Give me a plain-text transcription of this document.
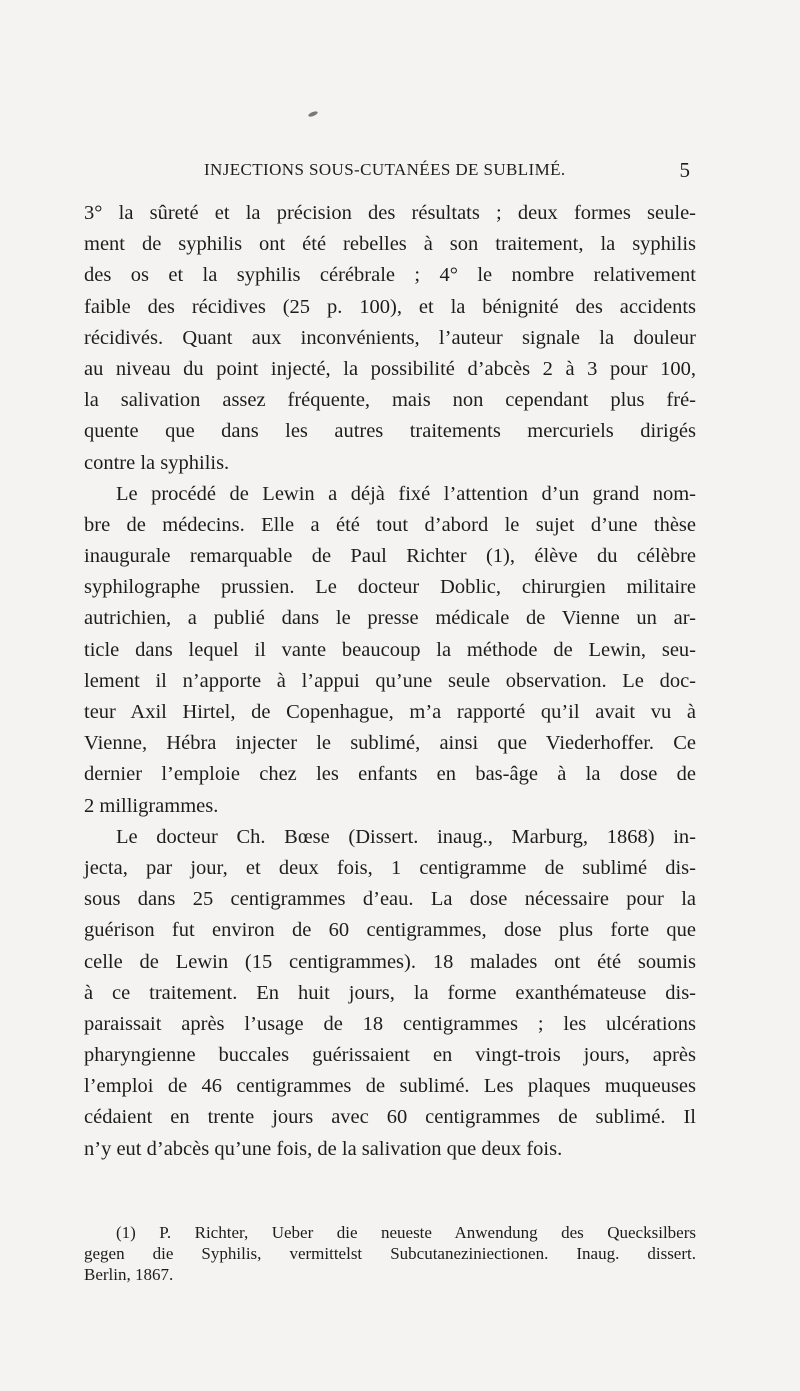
INJECTIONS SOUS-CUTANÉES DE SUBLIMÉ.	5
3° la sûreté et la précision des résultats ; deux formes seule-
ment de syphilis ont été rebelles à son traitement, la syphilis
des os et la syphilis cérébrale ; 4° le nombre relativement
faible des récidives (25 p. 100), et la bénignité des accidents
récidivés. Quant aux inconvénients, l’auteur signale la douleur
au niveau du point injecté, la possibilité d’abcès 2 à 3 pour 100,
la salivation assez fréquente, mais non cependant plus fré-
quente que dans les autres traitements mercuriels dirigés
contre la syphilis.
Le procédé de Lewin a déjà fixé l’attention d’un grand nom-
bre de médecins. Elle a été tout d’abord le sujet d’une thèse
inaugurale remarquable de Paul Richter (1), élève du célèbre
syphilographe prussien. Le docteur Doblic, chirurgien militaire
autrichien, a publié dans le presse médicale de Vienne un ar-
ticle dans lequel il vante beaucoup la méthode de Lewin, seu-
lement il n’apporte à l’appui qu’une seule observation. Le doc-
teur Axil Hirtel, de Copenhague, m’a rapporté qu’il avait vu à
Vienne, Hébra injecter le sublimé, ainsi que Viederhoffer. Ce
dernier l’emploie chez les enfants en bas-âge à la dose de
2 milligrammes.
Le docteur Ch. Bœse (Dissert. inaug., Marburg, 1868) in-
jecta, par jour, et deux fois, 1 centigramme de sublimé dis-
sous dans 25 centigrammes d’eau. La dose nécessaire pour la
guérison fut environ de 60 centigrammes, dose plus forte que
celle de Lewin (15 centigrammes). 18 malades ont été soumis
à ce traitement. En huit jours, la forme exanthémateuse dis-
paraissait après l’usage de 18 centigrammes ; les ulcérations
pharyngienne buccales guérissaient en vingt-trois jours, après
l’emploi de 46 centigrammes de sublimé. Les plaques muqueuses
cédaient en trente jours avec 60 centigrammes de sublimé. Il
n’y eut d’abcès qu’une fois, de la salivation que deux fois.
(1) P. Richter, Ueber die neueste Anwendung des Quecksilbers
gegen die Syphilis, vermittelst Subcutaneziniectionen. Inaug. dissert.
Berlin, 1867.
